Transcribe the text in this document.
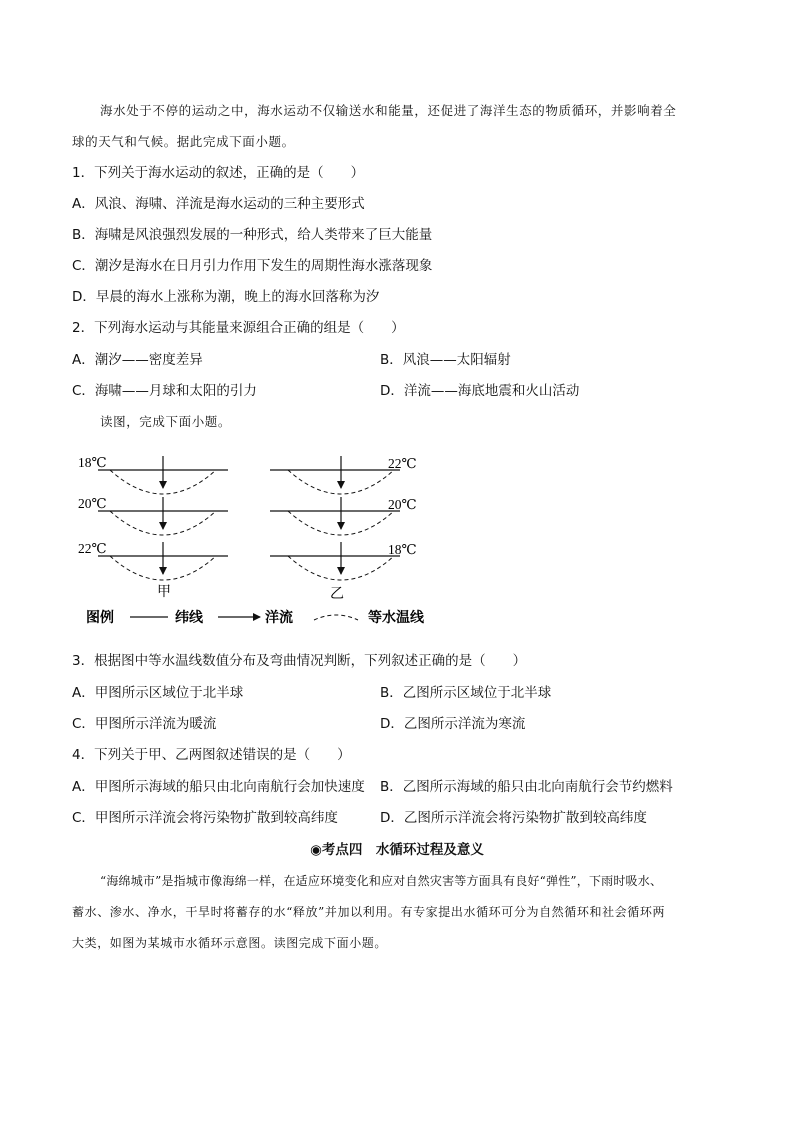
海水处于不停的运动之中，海水运动不仅输送水和能量，还促进了海洋生态的物质循环，并影响着全
球的天气和气候。据此完成下面小题。
1．下列关于海水运动的叙述，正确的是（　　）
A．风浪、海啸、洋流是海水运动的三种主要形式
B．海啸是风浪强烈发展的一种形式，给人类带来了巨大能量
C．潮汐是海水在日月引力作用下发生的周期性海水涨落现象
D．早晨的海水上涨称为潮，晚上的海水回落称为汐
2．下列海水运动与其能量来源组合正确的组是（　　）
A．潮汐——密度差异	B．风浪——太阳辐射
C．海啸——月球和太阳的引力	D．洋流——海底地震和火山活动
读图，完成下面小题。
18℃
20℃
22℃
甲
22℃
20℃
18℃
乙
图例	纬线	洋流	等水温线
3．根据图中等水温线数值分布及弯曲情况判断，下列叙述正确的是（　　）
A．甲图所示区域位于北半球	B．乙图所示区域位于北半球
C．甲图所示洋流为暖流	D．乙图所示洋流为寒流
4．下列关于甲、乙两图叙述错误的是（　　）
A．甲图所示海域的船只由北向南航行会加快速度 B．乙图所示海域的船只由北向南航行会节约燃料
C．甲图所示洋流会将污染物扩散到较高纬度	D．乙图所示洋流会将污染物扩散到较高纬度
◉考点四　水循环过程及意义
“海绵城市”是指城市像海绵一样，在适应环境变化和应对自然灾害等方面具有良好“弹性”，下雨时吸水、
蓄水、渗水、净水，干旱时将蓄存的水“释放”并加以利用。有专家提出水循环可分为自然循环和社会循环两
大类，如图为某城市水循环示意图。读图完成下面小题。
